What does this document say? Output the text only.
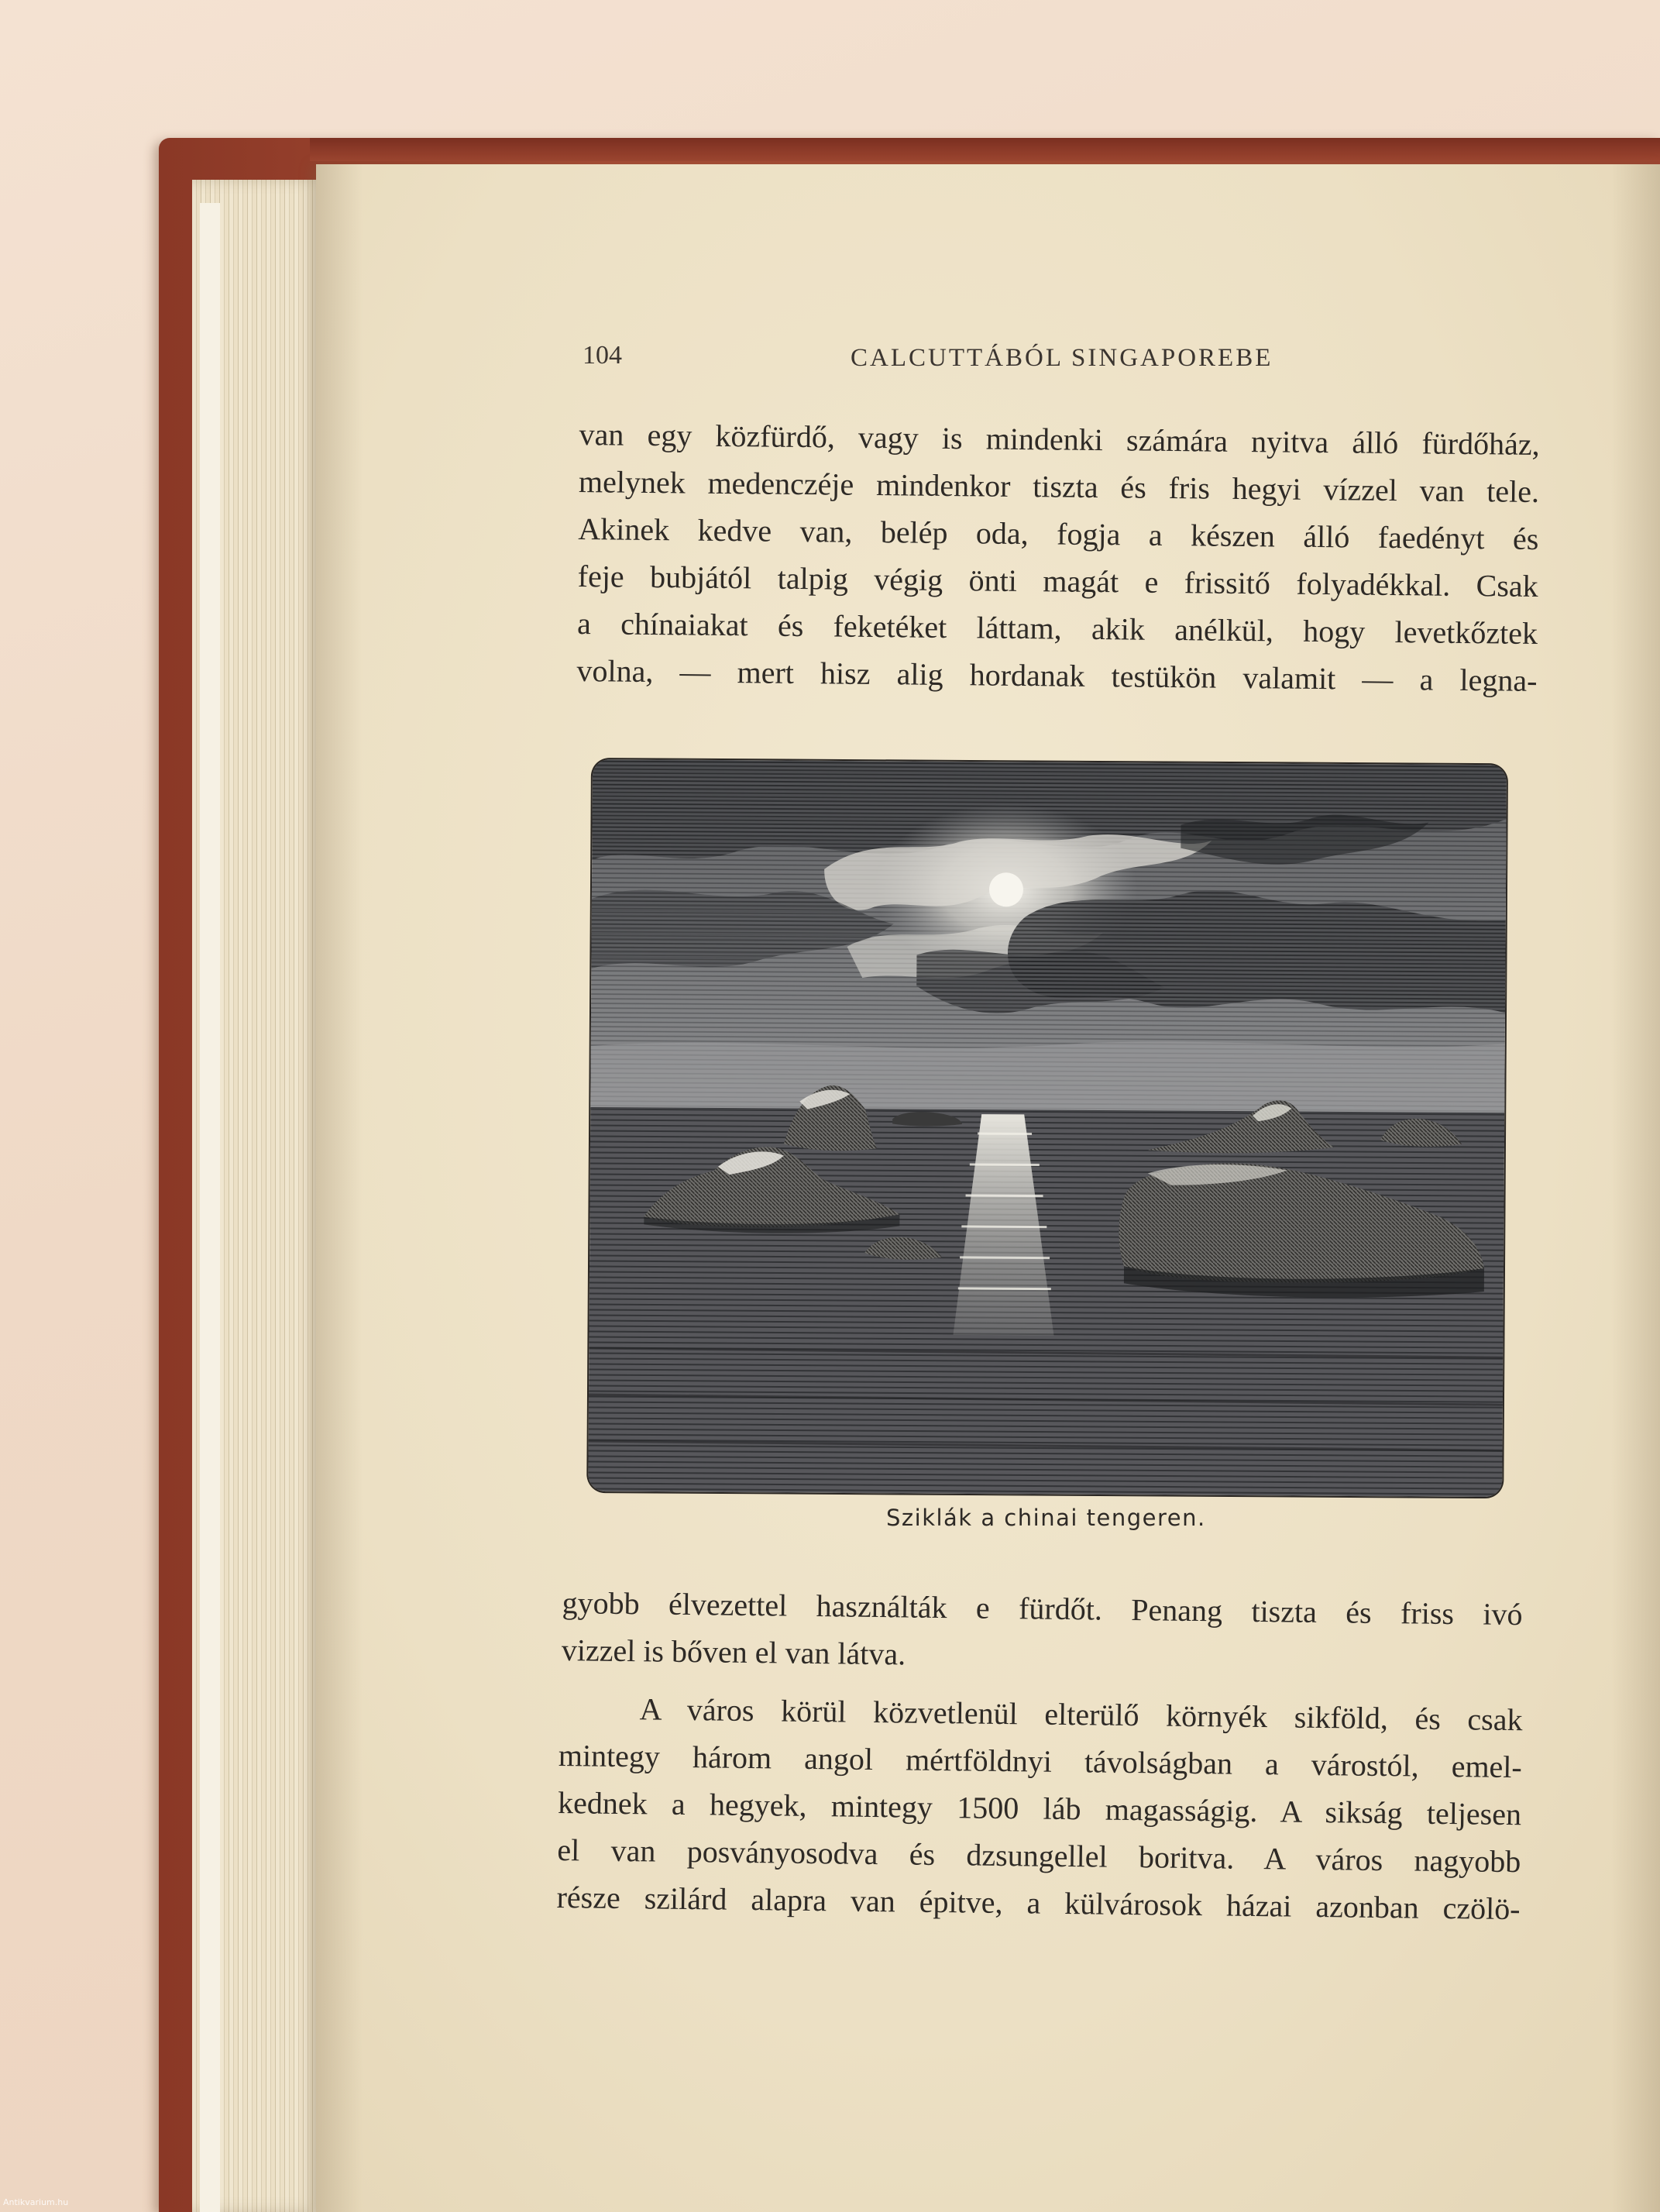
104	CALCUTTÁBÓL SINGAPOREBE
van egy közfürdő, vagy is mindenki számára nyitva álló fürdőház,
melynek medenczéje mindenkor tiszta és fris hegyi vízzel van tele.
Akinek kedve van, belép oda, fogja a készen álló faedényt és
feje bubjától talpig végig önti magát e frissitő folyadékkal. Csak
a chínaiakat és feketéket láttam, akik anélkül, hogy levetkőztek
volna, — mert hisz alig hordanak testükön valamit — a legna-
Sziklák a chinai tengeren.
gyobb élvezettel használták e fürdőt. Penang tiszta és friss ivó
vizzel is bőven el van látva.
A város körül közvetlenül elterülő környék sikföld, és csak
mintegy három angol mértföldnyi távolságban a várostól, emel-
kednek a hegyek, mintegy 1500 láb magasságig. A sikság teljesen
el van posványosodva és dzsungellel boritva. A város nagyobb
része szilárd alapra van épitve, a külvárosok házai azonban czölö-
Antikvarium.hu
